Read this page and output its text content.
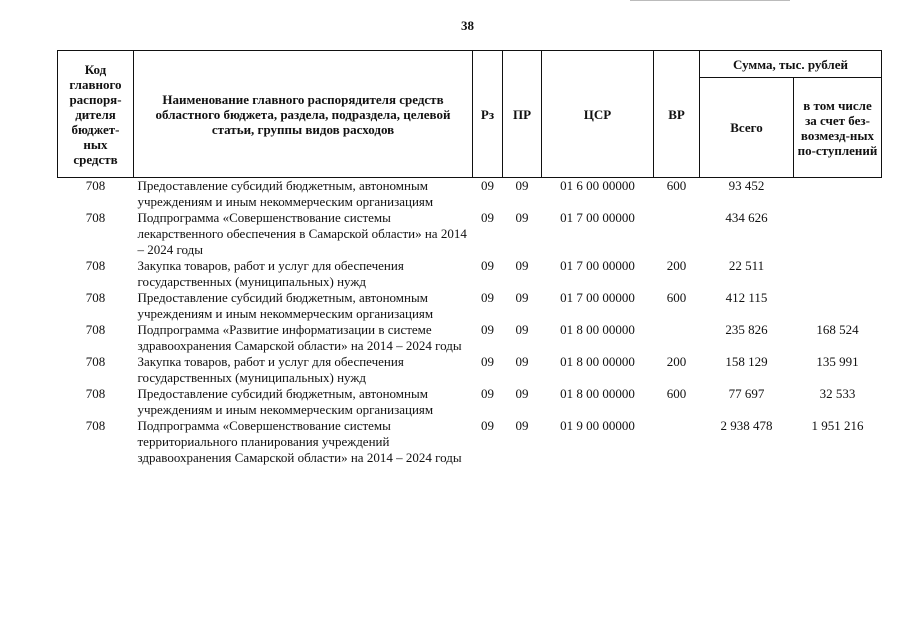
38
Код главного распоря-дителя бюджет-ных средств	Наименование главного распорядителя средств областного бюджета, раздела, подраздела, целевой статьи, группы видов расходов	Рз	ПР	ЦСР	ВР	Сумма, тыс. рублей	
						Всего	в том числе за счет без-возмезд-ных по-ступлений
708	Предоставление субсидий бюджетным, автономным учреждениям и иным некоммерческим организациям	09	09	01 6 00 00000	600	93 452	
708	Подпрограмма «Совершенствование системы лекарственного обеспечения в Самарской области» на 2014 – 2024 годы	09	09	01 7 00 00000		434 626	
708	Закупка товаров, работ и услуг для обеспечения государственных (муниципальных) нужд	09	09	01 7 00 00000	200	22 511	
708	Предоставление субсидий бюджетным, автономным учреждениям и иным некоммерческим организациям	09	09	01 7 00 00000	600	412 115	
708	Подпрограмма «Развитие информатизации в системе здравоохранения Самарской области» на 2014 – 2024 годы	09	09	01 8 00 00000		235 826	168 524
708	Закупка товаров, работ и услуг для обеспечения государственных (муниципальных) нужд	09	09	01 8 00 00000	200	158 129	135 991
708	Предоставление субсидий бюджетным, автономным учреждениям и иным некоммерческим организациям	09	09	01 8 00 00000	600	77 697	32 533
708	Подпрограмма «Совершенствование системы территориального планирования учреждений здравоохранения Самарской области» на 2014 – 2024 годы	09	09	01 9 00 00000		2 938 478	1 951 216
